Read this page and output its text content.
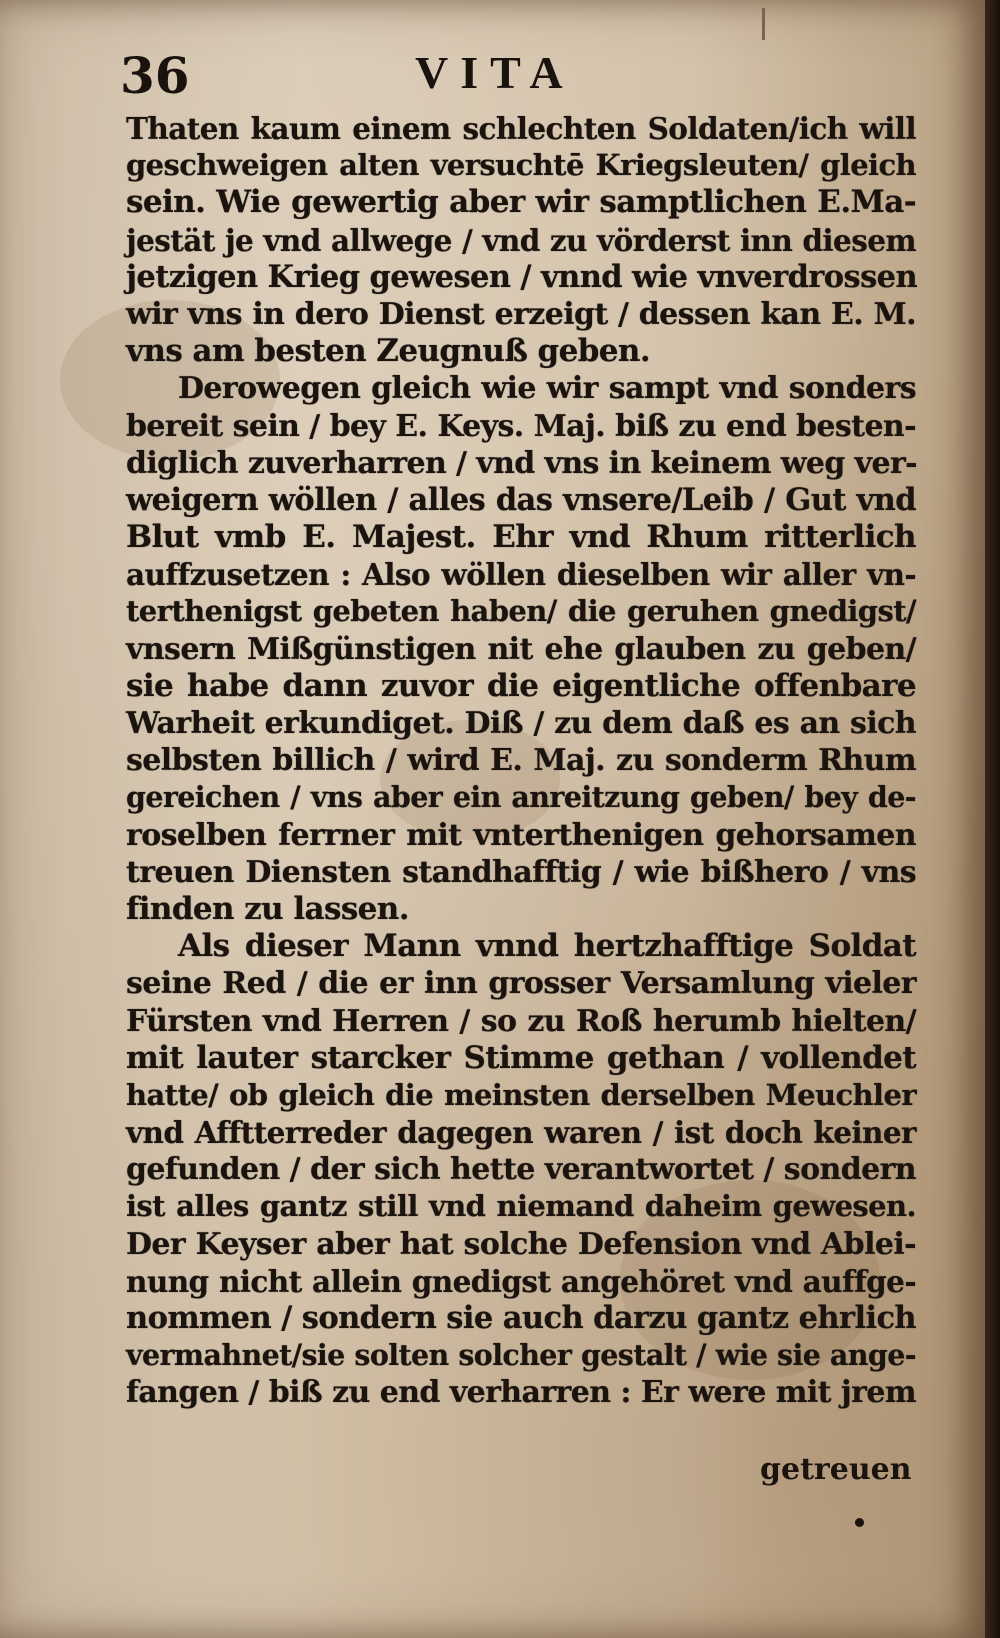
36	VITA
Thaten kaum einem schlechten Soldaten/ich will
geschweigen alten versuchtē Kriegsleuten/ gleich
sein. Wie gewertig aber wir samptlichen E.Ma-
jestät je vnd allwege / vnd zu vörderst inn diesem
jetzigen Krieg gewesen / vnnd wie vnverdrossen
wir vns in dero Dienst erzeigt / dessen kan E. M.
vns am besten Zeugnuß geben.
Derowegen gleich wie wir sampt vnd sonders
bereit sein / bey E. Keys. Maj. biß zu end besten-
diglich zuverharren / vnd vns in keinem weg ver-
weigern wöllen / alles das vnsere/Leib / Gut vnd
Blut vmb E. Majest. Ehr vnd Rhum ritterlich
auffzusetzen : Also wöllen dieselben wir aller vn-
terthenigst gebeten haben/ die geruhen gnedigst/
vnsern Mißgünstigen nit ehe glauben zu geben/
sie habe dann zuvor die eigentliche offenbare
Warheit erkundiget. Diß / zu dem daß es an sich
selbsten billich / wird E. Maj. zu sonderm Rhum
gereichen / vns aber ein anreitzung geben/ bey de-
roselben ferrner mit vnterthenigen gehorsamen
treuen Diensten standhafftig / wie bißhero / vns
finden zu lassen.
Als dieser Mann vnnd hertzhafftige Soldat
seine Red / die er inn grosser Versamlung vieler
Fürsten vnd Herren / so zu Roß herumb hielten/
mit lauter starcker Stimme gethan / vollendet
hatte/ ob gleich die meinsten derselben Meuchler
vnd Afftterreder dagegen waren / ist doch keiner
gefunden / der sich hette verantwortet / sondern
ist alles gantz still vnd niemand daheim gewesen.
Der Keyser aber hat solche Defension vnd Ablei-
nung nicht allein gnedigst angehöret vnd auffge-
nommen / sondern sie auch darzu gantz ehrlich
vermahnet/sie solten solcher gestalt / wie sie ange-
fangen / biß zu end verharren : Er were mit jrem
getreuen
